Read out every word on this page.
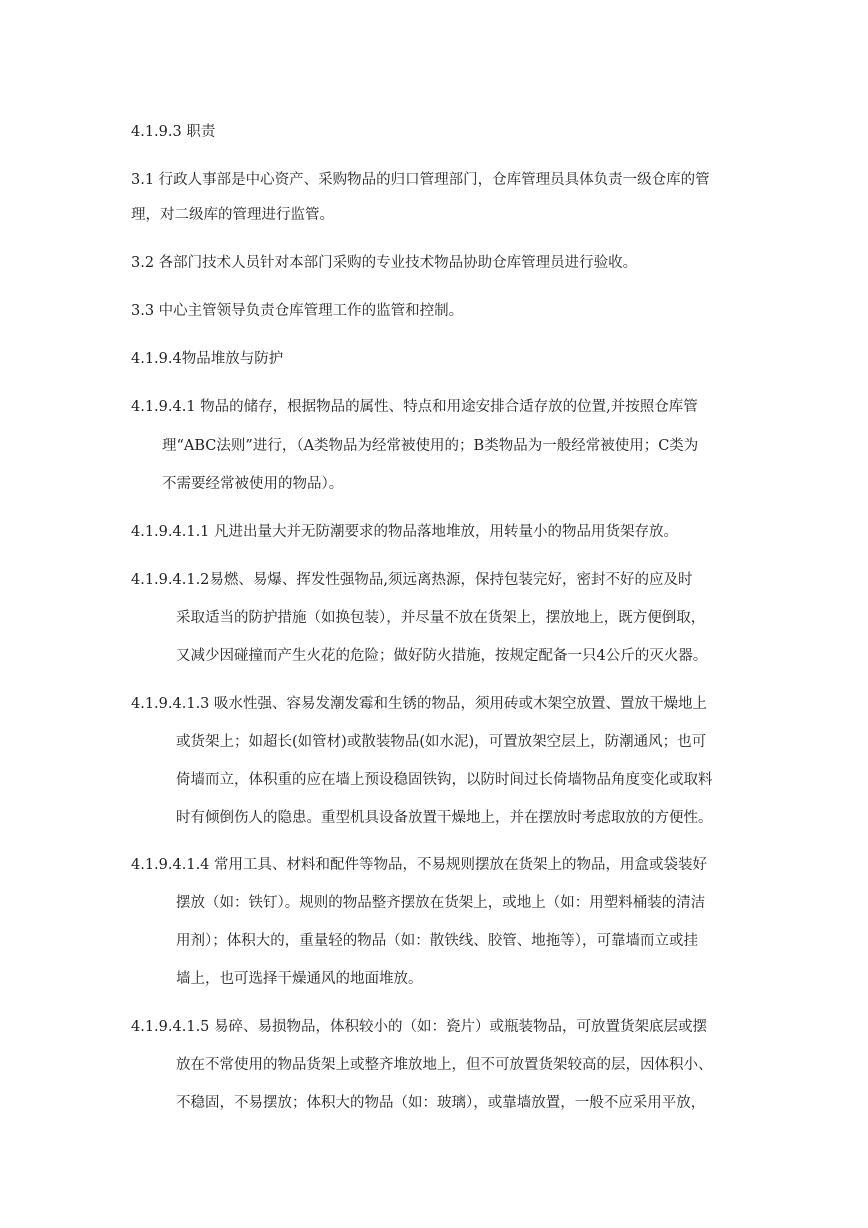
4.1.9.3 职责
3.1 行政人事部是中心资产、采购物品的归口管理部门，仓库管理员具体负责一级仓库的管
理，对二级库的管理进行监管。
3.2 各部门技术人员针对本部门采购的专业技术物品协助仓库管理员进行验收。
3.3 中心主管领导负责仓库管理工作的监管和控制。
4.1.9.4物品堆放与防护
4.1.9.4.1 物品的储存，根据物品的属性、特点和用途安排合适存放的位置,并按照仓库管
理“ABC法则”进行，（A类物品为经常被使用的；B类物品为一般经常被使用；C类为
不需要经常被使用的物品）。
4.1.9.4.1.1 凡进出量大并无防潮要求的物品落地堆放，用转量小的物品用货架存放。
4.1.9.4.1.2易燃、易爆、挥发性强物品,须远离热源，保持包装完好，密封不好的应及时
采取适当的防护措施（如换包装），并尽量不放在货架上，摆放地上，既方便倒取，
又减少因碰撞而产生火花的危险；做好防火措施，按规定配备一只4公斤的灭火器。
4.1.9.4.1.3 吸水性强、容易发潮发霉和生锈的物品，须用砖或木架空放置、置放干燥地上
或货架上；如超长(如管材)或散装物品(如水泥)，可置放架空层上，防潮通风；也可
倚墙而立，体积重的应在墙上预设稳固铁钩，以防时间过长倚墙物品角度变化或取料
时有倾倒伤人的隐患。重型机具设备放置干燥地上，并在摆放时考虑取放的方便性。
4.1.9.4.1.4 常用工具、材料和配件等物品，不易规则摆放在货架上的物品，用盒或袋装好
摆放（如：铁钉）。规则的物品整齐摆放在货架上，或地上（如：用塑料桶装的清洁
用剂）；体积大的，重量轻的物品（如：散铁线、胶管、地拖等），可靠墙而立或挂
墙上，也可选择干燥通风的地面堆放。
4.1.9.4.1.5 易碎、易损物品，体积较小的（如：瓷片）或瓶装物品，可放置货架底层或摆
放在不常使用的物品货架上或整齐堆放地上，但不可放置货架较高的层，因体积小、
不稳固，不易摆放；体积大的物品（如：玻璃），或靠墙放置，一般不应采用平放，
